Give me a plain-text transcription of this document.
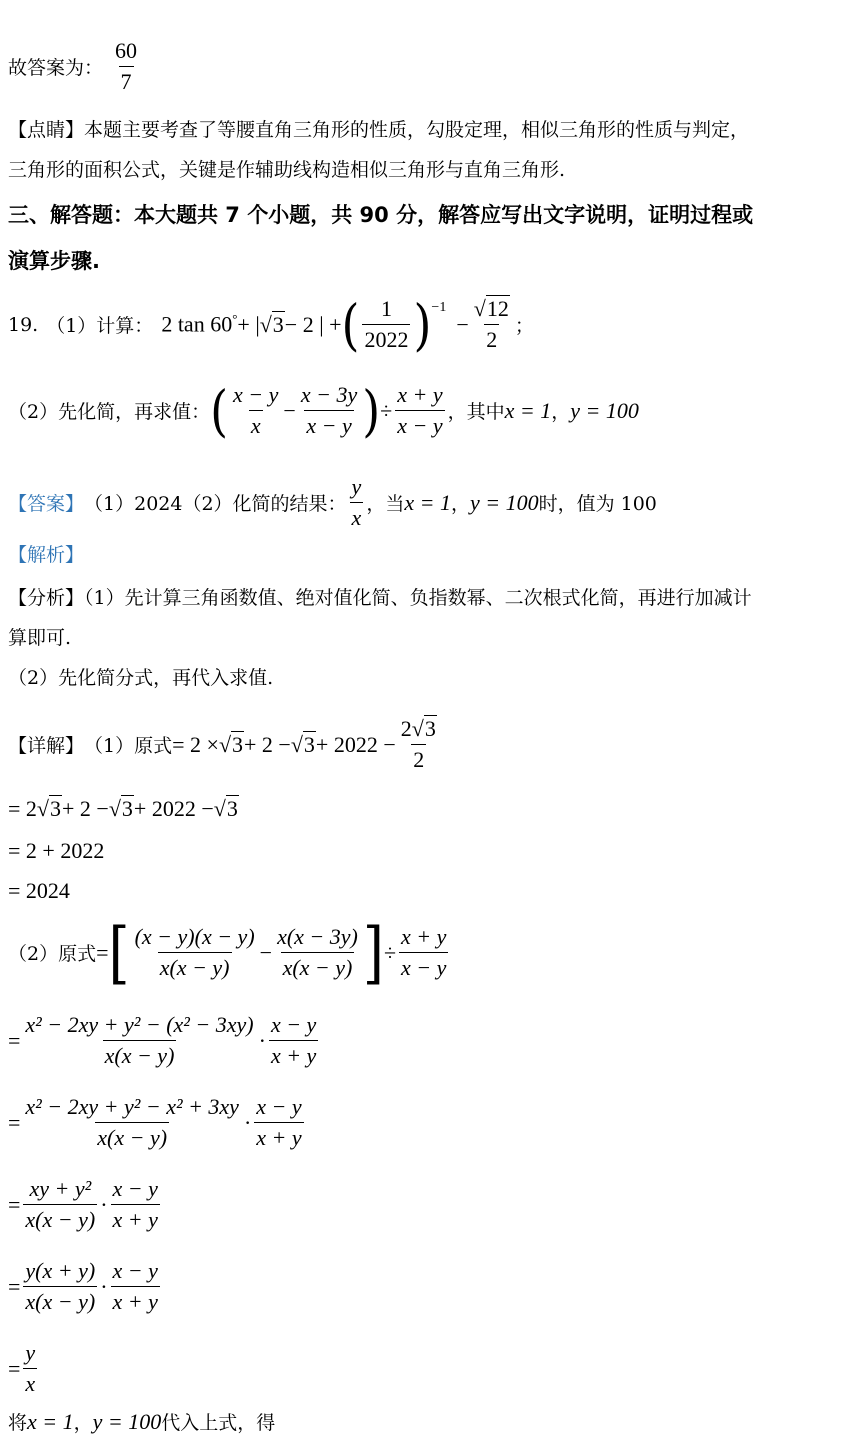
故答案为： $\frac{60}{7}$

【点睛】本题主要考查了等腰直角三角形的性质，勾股定理，相似三角形的性质与判定，

三角形的面积公式，关键是作辅助线构造相似三角形与直角三角形.

三、解答题：本大题共 7 个小题，共 90 分，解答应写出文字说明，证明过程或
演算步骤.
19. （1）计算： 2 tan 60° + | √3 − 2 | + ( $\frac{1}{2022} )^{-1}$
− $\frac{√12}{2}$ ；
（2）先化简，再求值： ( $\frac{x - y}{x} - \frac{x - 3y}{x - y}$ ) ÷ $\frac{x + y}{x - y}$ ，其中 x = 1 ， y = 100
【答案】 （1）2024（2）化简的结果： $\frac{y}{x}$ ，当 x = 1 ， y = 100 时，值为 100
【解析】

【分析】（1）先计算三角函数值、绝对值化简、负指数幂、二次根式化简，再进行加减计

算即可.

（2）先化简分式，再代入求值.

【详解】 （1）原式 = $2 \times √3 + 2 - √3 + 2022 - \frac{2√3}{2}$
= 2 √3 + 2 − √3 + 2022 − √3
= 2 + 2022
= 2024
（2）原式 = [ $\frac{(x - y)(x - y)}{x(x - y)} - \frac{x(x - 3y)}{x(x - y)}$ ] ÷ $\frac{x + y}{x - y}$
= $\frac{\text{x² − 2xy + y² − (x² − 3xy)}}{x(x - y)} \cdot \frac{x - y}{x + y}$
= $\frac{\text{x² − 2xy + y² − x² + 3xy}}{x(x - y)} \cdot \frac{x - y}{x + y}$
= $\frac{\text{xy + y²}}{x(x - y)} \cdot \frac{x - y}{x + y}$
= $\frac{y(x + y)}{x(x - y)} \cdot \frac{x - y}{x + y}$
= $\frac{y}{x}$
将 x = 1 ， y = 100 代入上式，得
